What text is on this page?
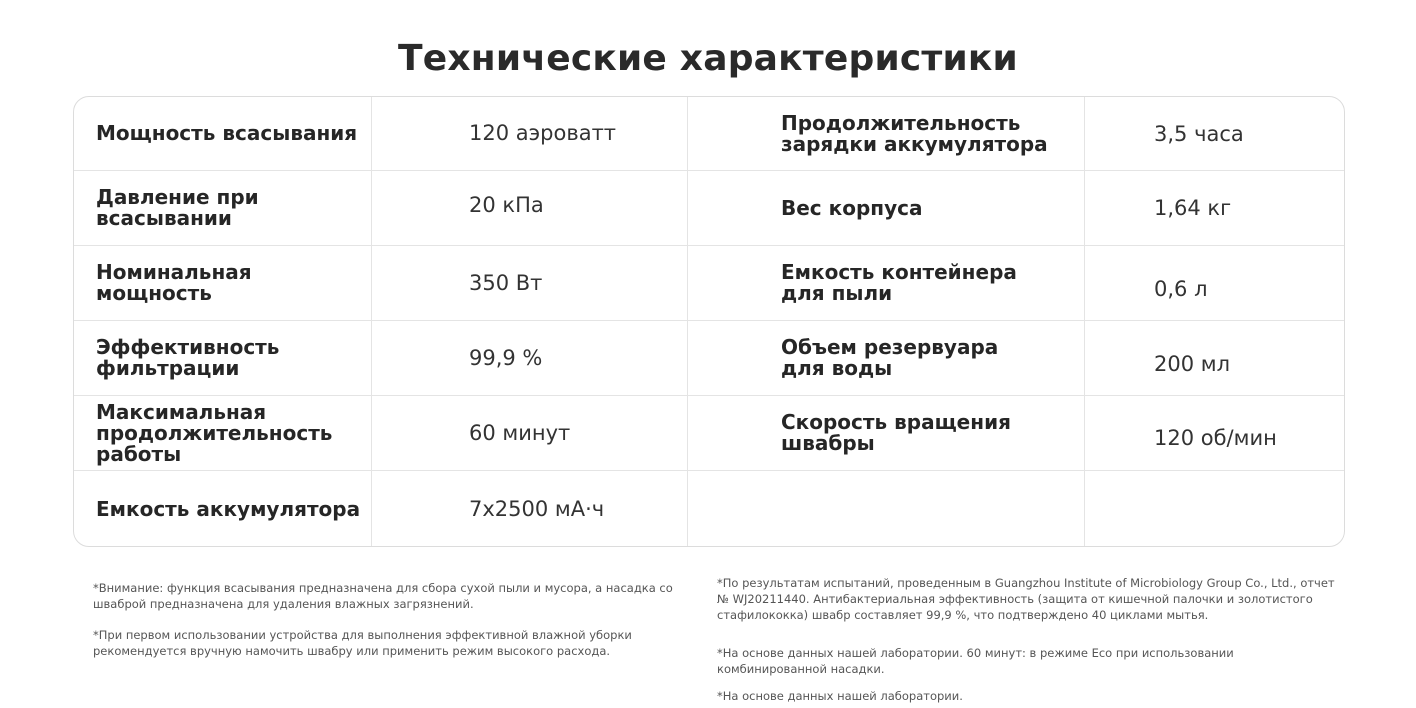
Технические характеристики
Мощность всасывания	120 аэроватт	Продолжительность
зарядки аккумулятора	3,5 часа
Давление при
всасывании
20 кПа	Вес корпуса	1,64 кг
Номинальная мощность	350 Вт	Емкость контейнера
для пыли	0,6 л
Эффективность
фильтрации	99,9 %	Объем резервуара
для воды	200 мл
Максимальная
продолжительность
работы
60 минут	Скорость вращения
швабры	120 об/мин
Емкость аккумулятора	7x2500 мА·ч

*Внимание: функция всасывания предназначена для сбора сухой пыли и мусора, а насадка со шваброй предназначена для удаления влажных загрязнений.

*При первом использовании устройства для выполнения эффективной влажной уборки рекомендуется вручную намочить швабру или применить режим высокого расхода.

*По результатам испытаний, проведенным в Guangzhou Institute of Microbiology Group Co., Ltd., отчет № WJ20211440. Антибактериальная эффективность (защита от кишечной палочки и золотистого стафилококка) швабр составляет 99,9 %, что подтверждено 40 циклами мытья.

*На основе данных нашей лаборатории. 60 минут: в режиме Eco при использовании комбинированной насадки.

*На основе данных нашей лаборатории.
